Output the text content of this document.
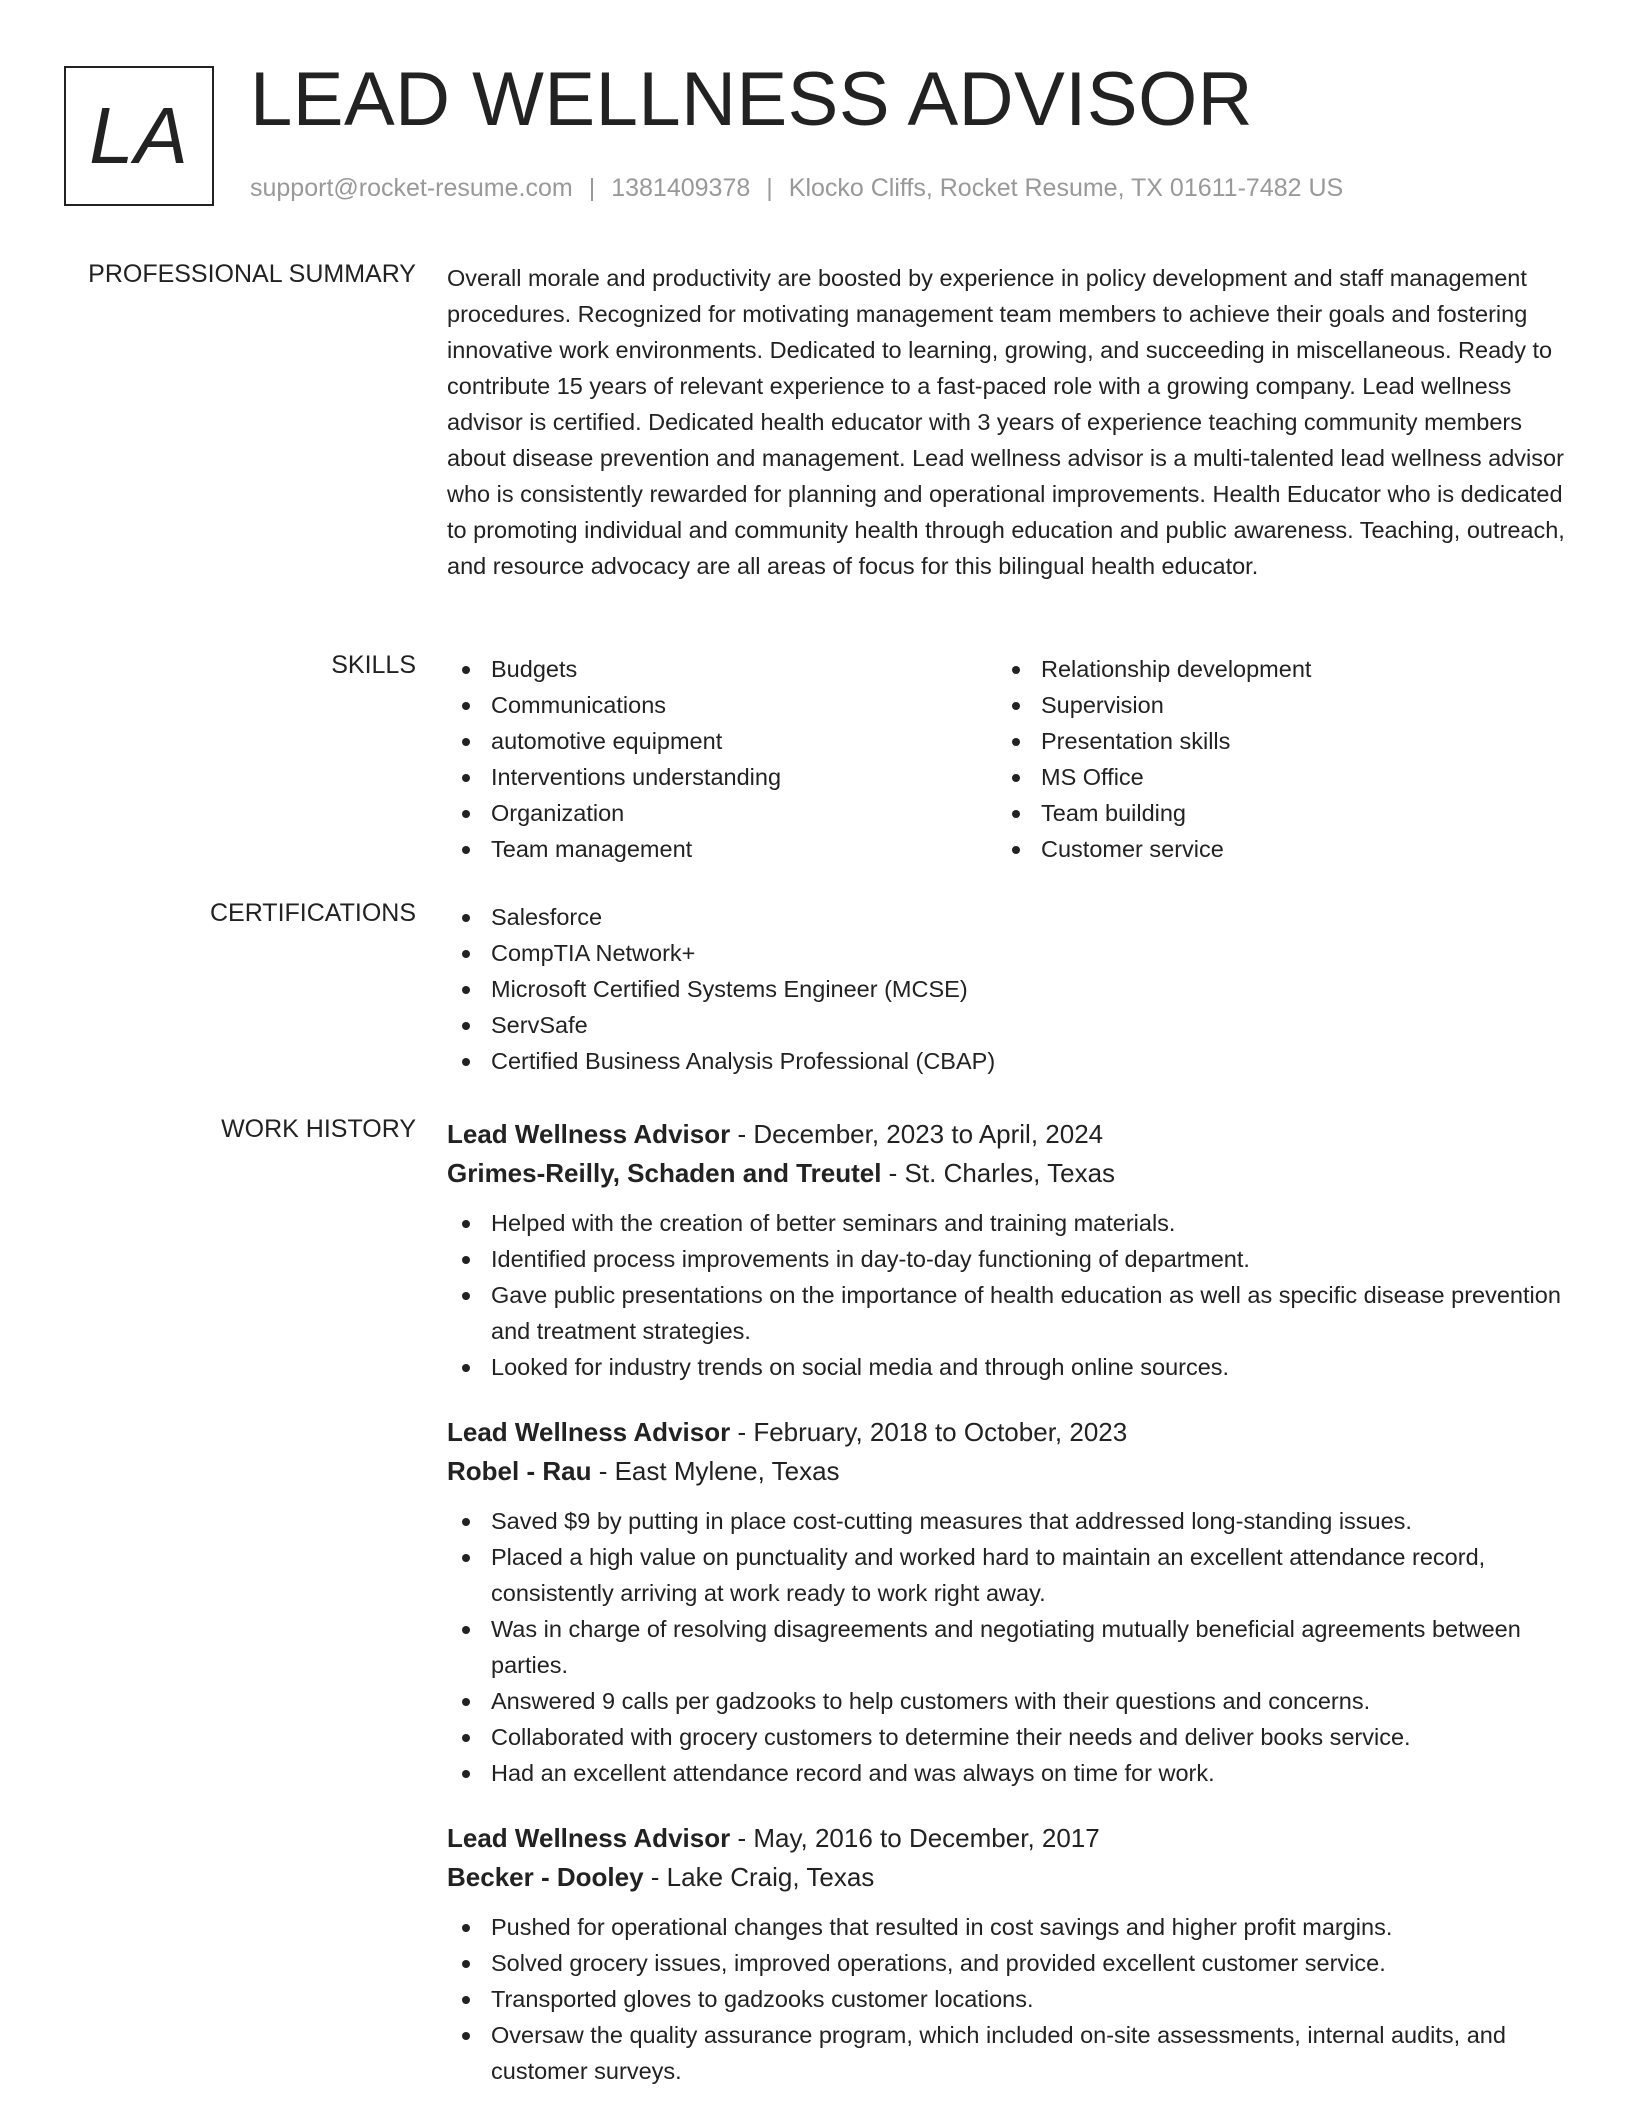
LA LEAD WELLNESS ADVISOR
support@rocket-resume.com | 1381409378 | Klocko Cliffs, Rocket Resume, TX 01611-7482 US
PROFESSIONAL SUMMARY Overall morale and productivity are boosted by experience in policy development and staff management procedures. Recognized for motivating management team members to achieve their goals and fostering innovative work environments. Dedicated to learning, growing, and succeeding in miscellaneous. Ready to contribute 15 years of relevant experience to a fast-paced role with a growing company. Lead wellness advisor is certified. Dedicated health educator with 3 years of experience teaching community members about disease prevention and management. Lead wellness advisor is a multi-talented lead wellness advisor who is consistently rewarded for planning and operational improvements. Health Educator who is dedicated to promoting individual and community health through education and public awareness. Teaching, outreach, and resource advocacy are all areas of focus for this bilingual health educator.

SKILLS	Budgets
Communications
automotive equipment
Interventions understanding
Organization
Team management
Relationship development
Supervision
Presentation skills
MS Office
Team building
Customer service
CERTIFICATIONS	Salesforce
CompTIA Network+
Microsoft Certified Systems Engineer (MCSE)
ServSafe
Certified Business Analysis Professional (CBAP)
WORK HISTORY Lead Wellness Advisor - December, 2023 to April, 2024
Grimes-Reilly, Schaden and Treutel - St. Charles, Texas
Helped with the creation of better seminars and training materials.
Identified process improvements in day-to-day functioning of department.
Gave public presentations on the importance of health education as well as specific disease prevention and treatment strategies.
Looked for industry trends on social media and through online sources.
Lead Wellness Advisor - February, 2018 to October, 2023
Robel - Rau - East Mylene, Texas
Saved $9 by putting in place cost-cutting measures that addressed long-standing issues.
Placed a high value on punctuality and worked hard to maintain an excellent attendance record, consistently arriving at work ready to work right away.
Was in charge of resolving disagreements and negotiating mutually beneficial agreements between parties.
Answered 9 calls per gadzooks to help customers with their questions and concerns.
Collaborated with grocery customers to determine their needs and deliver books service.
Had an excellent attendance record and was always on time for work.
Lead Wellness Advisor - May, 2016 to December, 2017
Becker - Dooley - Lake Craig, Texas
Pushed for operational changes that resulted in cost savings and higher profit margins.
Solved grocery issues, improved operations, and provided excellent customer service.
Transported gloves to gadzooks customer locations.
Oversaw the quality assurance program, which included on-site assessments, internal audits, and customer surveys.
